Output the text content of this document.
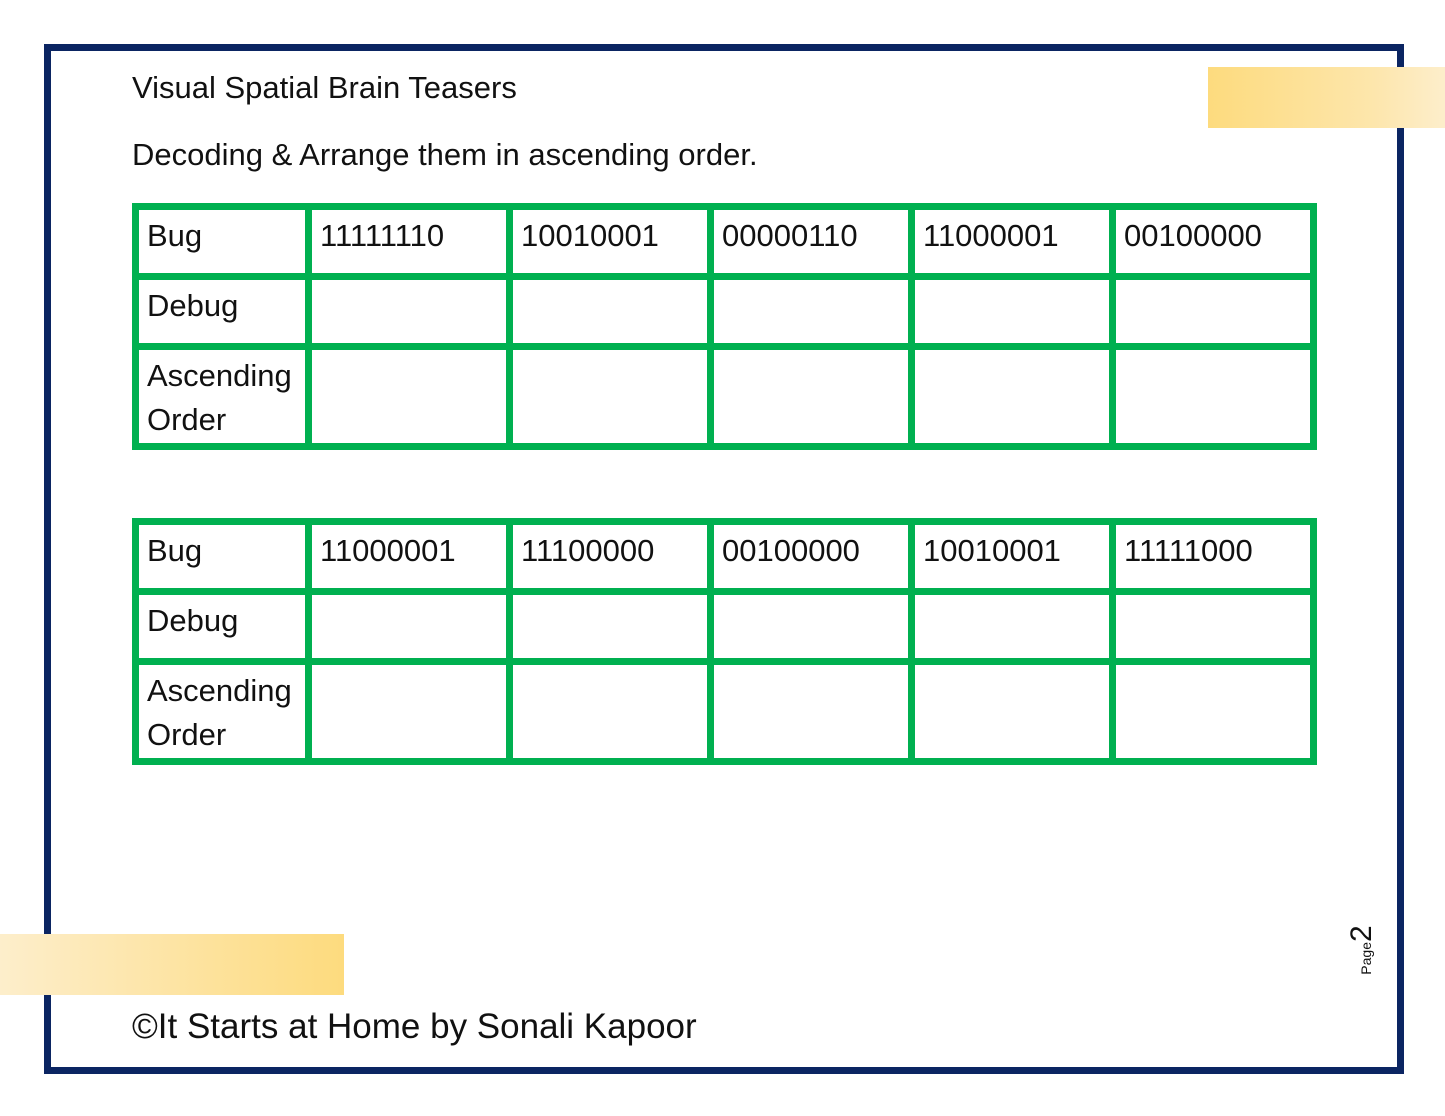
Visual Spatial Brain Teasers
Decoding & Arrange them in ascending order.
Bug	11111110	10010001	00000110	11000001	00100000
Debug					
Ascending Order					
Bug	11000001	11100000	00100000	10010001	11111000
Debug					
Ascending Order					
Page
2
©It Starts at Home by Sonali Kapoor
